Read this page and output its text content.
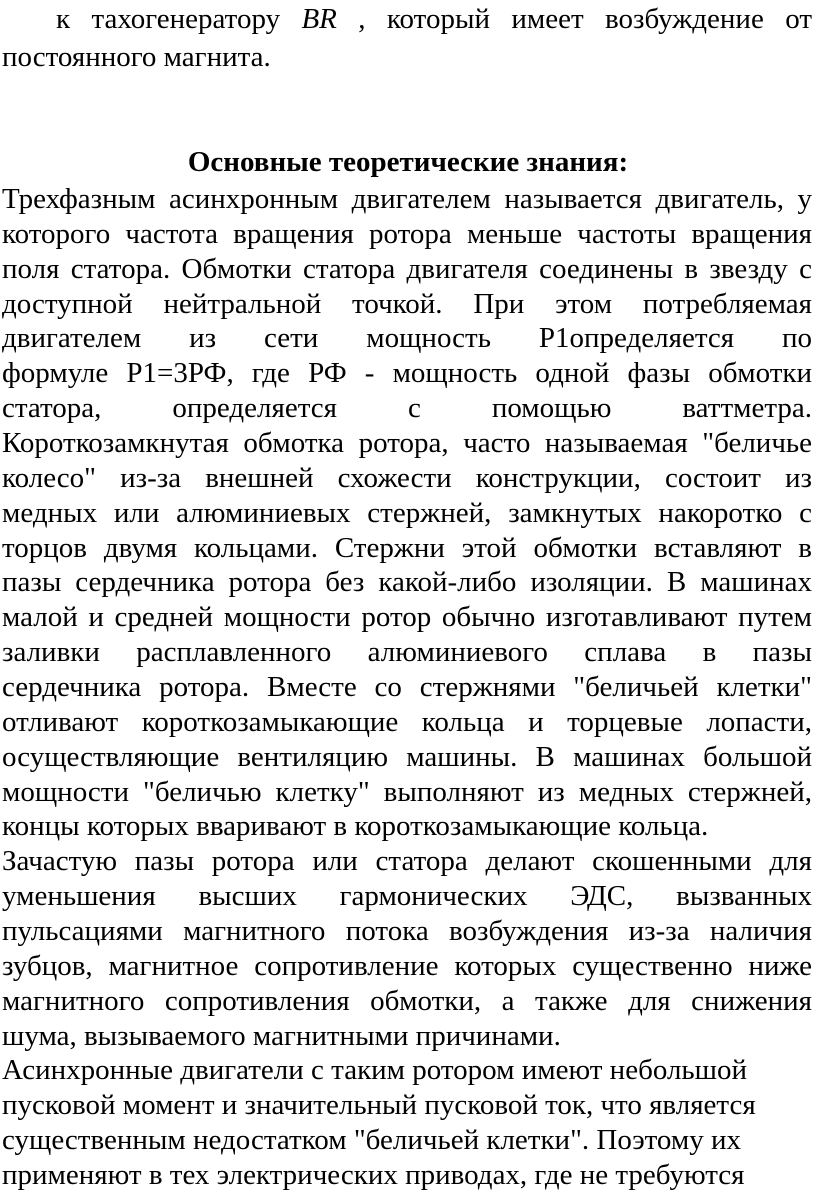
к тахогенератору BR , который имеет возбуждение от
постоянного магнита.
Основные теоретические знания:
Трехфазным асинхронным двигателем называется двигатель, у
которого частота вращения ротора меньше частоты вращения
поля статора. Обмотки статора двигателя соединены в звезду с
доступной нейтральной точкой. При этом потребляемая
двигателем из сети мощность Р1определяется по
формуле Р1=3РФ, где РФ - мощность одной фазы обмотки
статора, определяется с помощью ваттметра.
Короткозамкнутая обмотка ротора, часто называемая "беличье
колесо" из-за внешней схожести конструкции, состоит из
медных или алюминиевых стержней, замкнутых накоротко с
торцов двумя кольцами. Стержни этой обмотки вставляют в
пазы сердечника ротора без какой-либо изоляции. В машинах
малой и средней мощности ротор обычно изготавливают путем
заливки расплавленного алюминиевого сплава в пазы
сердечника ротора. Вместе со стержнями "беличьей клетки"
отливают короткозамыкающие кольца и торцевые лопасти,
осуществляющие вентиляцию машины. В машинах большой
мощности "беличью клетку" выполняют из медных стержней,
концы которых вваривают в короткозамыкающие кольца.
Зачастую пазы ротора или статора делают скошенными для
уменьшения высших гармонических ЭДС, вызванных
пульсациями магнитного потока возбуждения из-за наличия
зубцов, магнитное сопротивление которых существенно ниже
магнитного сопротивления обмотки, а также для снижения
шума, вызываемого магнитными причинами.
Асинхронные двигатели с таким ротором имеют небольшой
пусковой момент и значительный пусковой ток, что является
существенным недостатком "беличьей клетки". Поэтому их
применяют в тех электрических приводах, где не требуются
